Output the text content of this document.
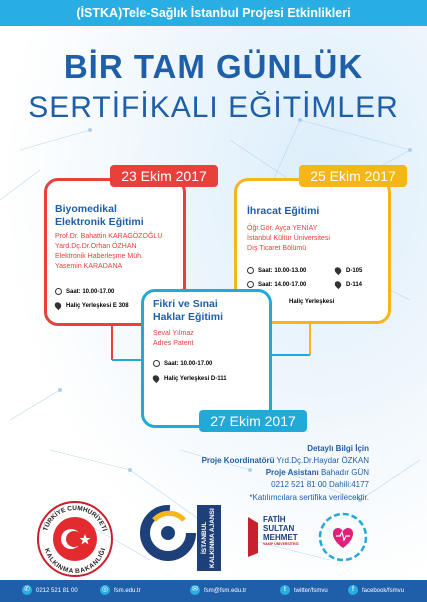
(İSTKA)Tele-Sağlık İstanbul Projesi Etkinlikleri
BİR TAM GÜNLÜK
SERTİFİKALI EĞİTİMLER
Biyomedikal
Elektronik Eğitimi
Prof.Dr. Bahattin KARAGÖZOĞLU
Yard.Dç.Dr.Orhan ÖZHAN
Elektronik Haberleşme Müh.
Yasemin KARADANA
Saat: 10.00-17.00
Haliç Yerleşkesi E 308
23 Ekim 2017
İhracat Eğitimi
Öğr.Gör. Ayça YENİAY
İstanbul Kültür Üniversitesi
Dış Ticaret Bölümü
Saat: 10.00-13.00	D-105
Saat: 14.00-17.00	D-114
Haliç Yerleşkesi
25 Ekim 2017
Fikri ve Sınai
Haklar Eğitimi
Seval Yılmaz
Adres Patent
Saat: 10.00-17.00
Haliç Yerleşkesi D-111
27 Ekim 2017
Detaylı Bilgi İçin
Proje Koordinatörü Yrd.Dç.Dr.Haydar ÖZKAN
Proje Asistanı Bahadır GÜN
0212 521 81 00 Dahili:4177
*Katılımcılara sertifika verilecektir.
TÜRKİYE CUMHURİYETİ
KALKINMA BAKANLIĞI	İSTANBUL KALKINMA AJANSI	FATİH
SULTAN
MEHMET
VAKIF ÜNİVERSİTESİ
✆ 0212 521 81 00	◎ fsm.edu.tr	✉ fsm@fsm.edu.tr	t twitter/fsmvu	f facebook/fsmvu
